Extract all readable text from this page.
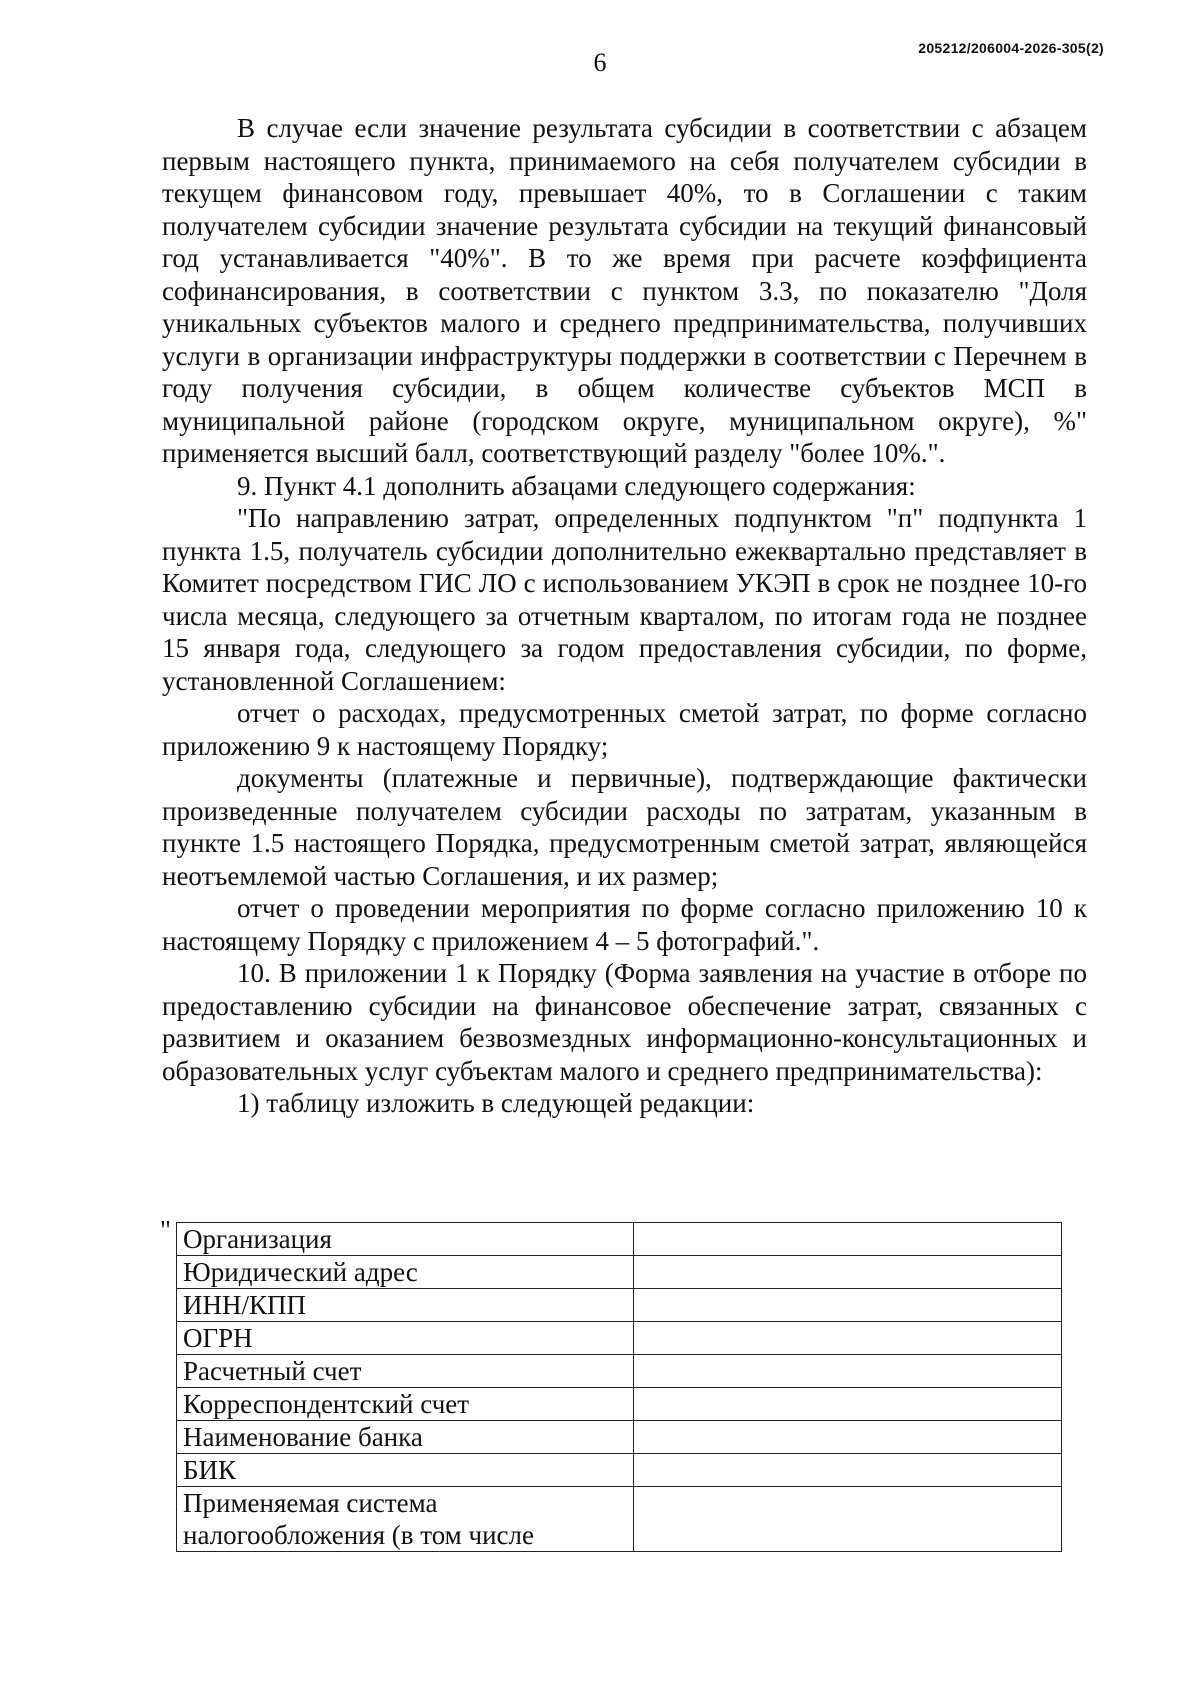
6	205212/206004-2026-305(2)

В случае если значение результата субсидии в соответствии с абзацем первым настоящего пункта, принимаемого на себя получателем субсидии в текущем финансовом году, превышает 40%, то в Соглашении с таким получателем субсидии значение результата субсидии на текущий финансовый год устанавливается "40%". В то же время при расчете коэффициента софинансирования, в соответствии с пунктом 3.3, по показателю "Доля уникальных субъектов малого и среднего предпринимательства, получивших услуги в организации инфраструктуры поддержки в соответствии с Перечнем в году получения субсидии, в общем количестве субъектов МСП в муниципальной районе (городском округе, муниципальном округе), %" применяется высший балл, соответствующий разделу "более 10%.".

9. Пункт 4.1 дополнить абзацами следующего содержания:

"По направлению затрат, определенных подпунктом "п" подпункта 1 пункта 1.5, получатель субсидии дополнительно ежеквартально представляет в Комитет посредством ГИС ЛО с использованием УКЭП в срок не позднее 10-го числа месяца, следующего за отчетным кварталом, по итогам года не позднее 15 января года, следующего за годом предоставления субсидии, по форме, установленной Соглашением:

отчет о расходах, предусмотренных сметой затрат, по форме согласно приложению 9 к настоящему Порядку;

документы (платежные и первичные), подтверждающие фактически произведенные получателем субсидии расходы по затратам, указанным в пункте 1.5 настоящего Порядка, предусмотренным сметой затрат, являющейся неотъемлемой частью Соглашения, и их размер;

отчет о проведении мероприятия по форме согласно приложению 10 к настоящему Порядку с приложением 4 – 5 фотографий.".

10. В приложении 1 к Порядку (Форма заявления на участие в отборе по предоставлению субсидии на финансовое обеспечение затрат, связанных с развитием и оказанием безвозмездных информационно-консультационных и образовательных услуг субъектам малого и среднего предпринимательства):

1) таблицу изложить в следующей редакции:

" Организация	
Юридический адрес	
ИНН/КПП	
ОГРН	
Расчетный счет	
Корреспондентский счет	
Наименование банка	
БИК	
Применяемая система налогообложения (в том числе	
